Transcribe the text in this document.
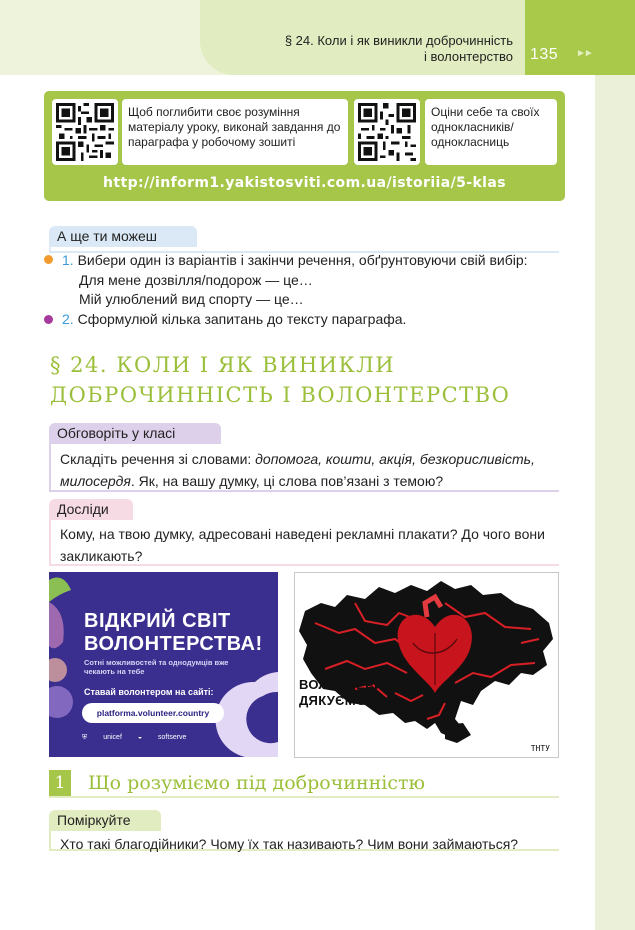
§ 24. Коли і як виникли доброчинність
і волонтерство 135 ►►
Щоб поглибити своє розуміння матеріалу уроку, виконай завдання до параграфа у робочому зошиті
Оціни себе та своїх однокласників/ однокласниць
http://inform1.yakistosviti.com.ua/istoriia/5-klas
А ще ти можеш
1. Вибери один із варіантів і закінчи речення, обґрунтовуючи свій вибір:
Для мене дозвілля/подорож — це…
Мій улюблений вид спорту — це…
2. Сформулюй кілька запитань до тексту параграфа.
§ 24. КОЛИ І ЯК ВИНИКЛИ
ДОБРОЧИННІСТЬ І ВОЛОНТЕРСТВО
Обговоріть у класі
Складіть речення зі словами: допомога, кошти, акція, безкорисливість,
милосердя. Як, на вашу думку, ці слова пов’язані з темою?
Досліди
Кому, на твою думку, адресовані наведені рекламні плакати? До чого вони
закликають?
ВІДКРИЙ СВІТ
ВОЛОНТЕРСТВА!
Сотні можливостей та однодумців вже чекають на тебе
Ставай волонтером на сайті:
platforma.volunteer.country
⛨ unicef ◒ softserve
ВОЛОНТЕРИ!
ДЯКУЄМО!
ТНТУ
1 Що розуміємо під доброчинністю
Поміркуйте
Хто такі благодійники? Чому їх так називають? Чим вони займаються?
